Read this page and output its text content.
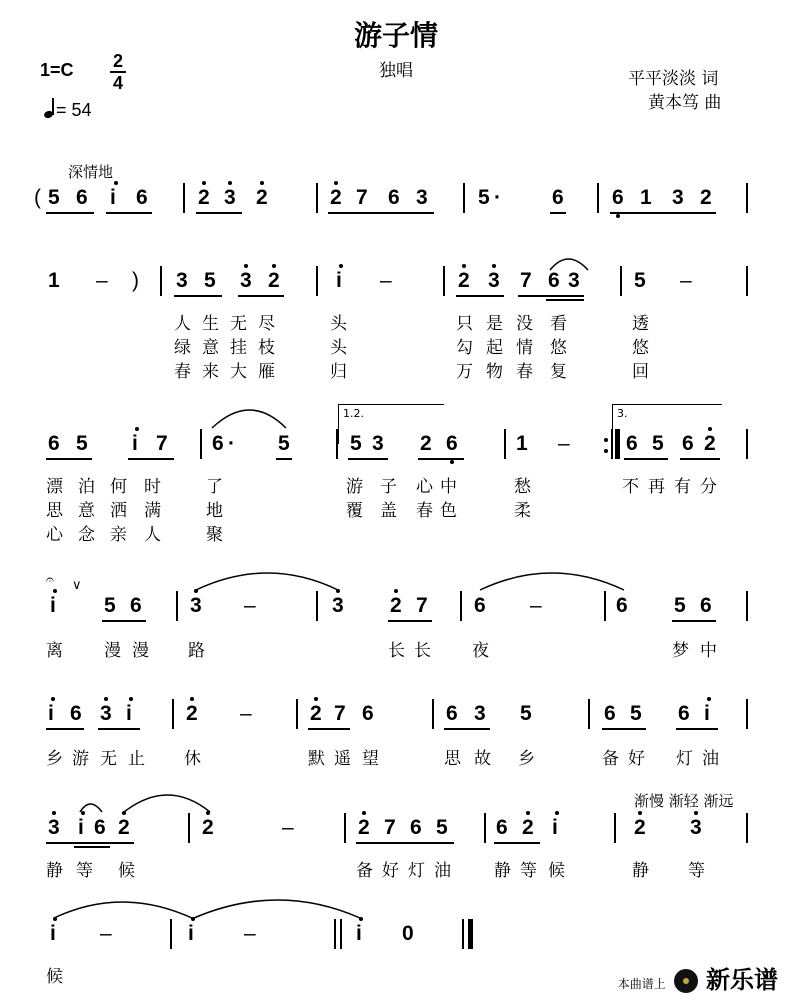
游子情
独唱
1=C 2
4
= 54
平平淡淡 词
黄本笃 曲
深情地
( 5 6 i 6 2 3 2	2 7 6 3 5 · 6 6 1 3 2
1 – ) 3 5 3 2	i –	2 3 7 6 3	5 –
人 生 无 尽	头	只 是 没 看	透
绿 意 挂 枝	头	勾 起 情 悠	悠
春 来 大 雁	归	万 物 春 复	回
1.2.	3.
6 5 i 7 6 · 5	5 3 2 6	1 –	6 5 6 2
漂 泊 何 时	了	游 子 心 中	愁	不 再 有 分
思 意 洒 满	地	覆 盖 春 色	柔
心 念 亲 人	聚
𝄐 ∨
i 5 6 3 –	3 2 7 6 –	6 5 6
离 漫 漫 路	长 长 夜	梦 中
i 6 3 i	2 –	2 7 6	6 3 5	6 5 6 i
乡 游 无 止 休	默 遥 望	思 故 乡	备 好 灯 油
渐慢 渐轻 渐远
3 i 6 2	2	–	2 7 6 5 6 2 i	2 3
静 等 候	备 好 灯 油	静 等 候	静 等
i –	i –	i 0
候	本曲谱上 新乐谱
